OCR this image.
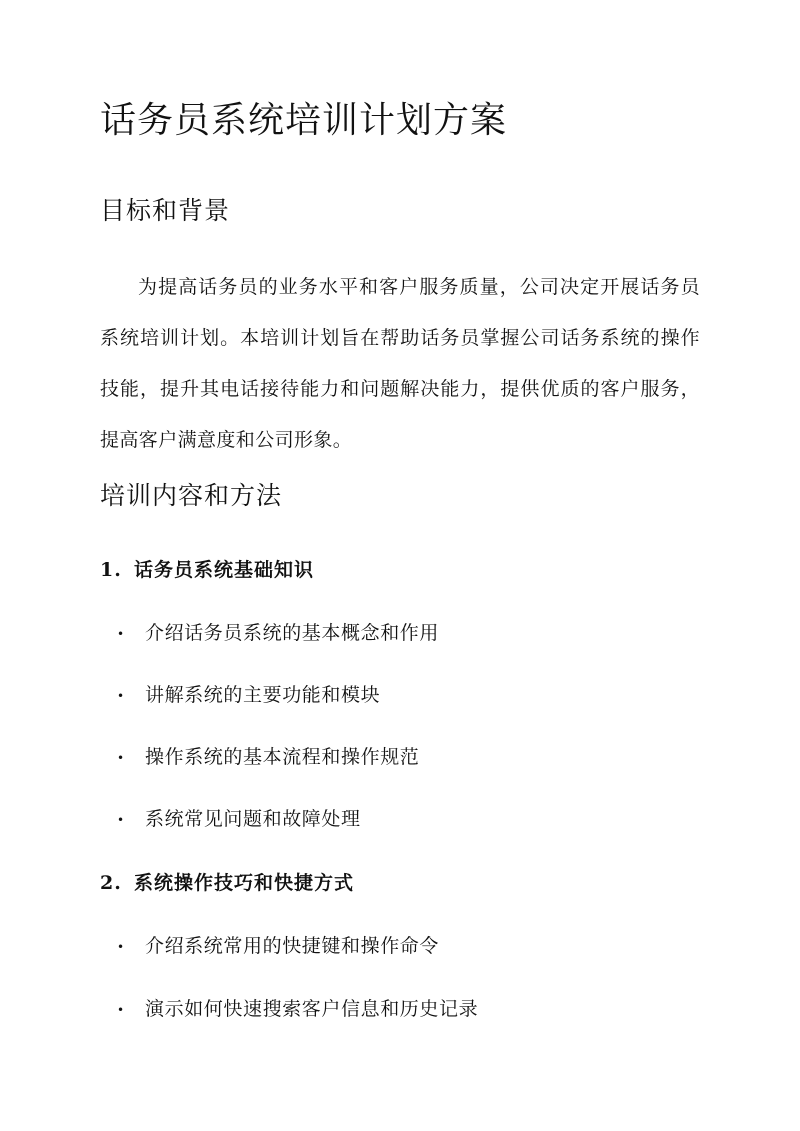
话务员系统培训计划方案
目标和背景

为提高话务员的业务水平和客户服务质量，公司决定开展话务员系统培训计划。本培训计划旨在帮助话务员掌握公司话务系统的操作技能，提升其电话接待能力和问题解决能力，提供优质的客户服务，提高客户满意度和公司形象。

培训内容和方法
1. 话务员系统基础知识
• 介绍话务员系统的基本概念和作用
• 讲解系统的主要功能和模块
• 操作系统的基本流程和操作规范
• 系统常见问题和故障处理
2. 系统操作技巧和快捷方式
• 介绍系统常用的快捷键和操作命令
• 演示如何快速搜索客户信息和历史记录
